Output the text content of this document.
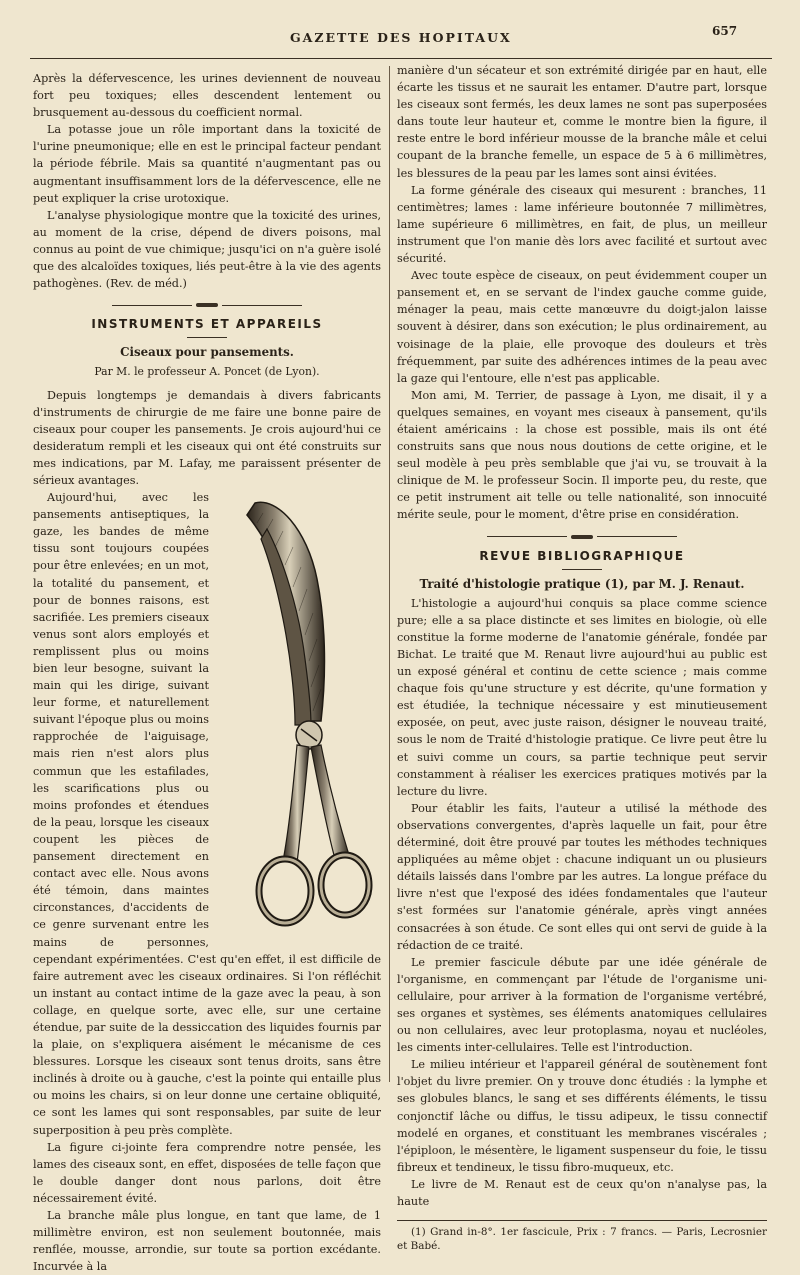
GAZETTE DES HOPITAUX	657

Après la défervescence, les urines deviennent de nouveau fort peu toxiques; elles descendent lentement ou brusquement au-dessous du coefficient normal.

La potasse joue un rôle important dans la toxicité de l'urine pneumonique; elle en est le principal facteur pendant la période fébrile. Mais sa quantité n'augmentant pas ou augmentant insuffisamment lors de la défervescence, elle ne peut expliquer la crise urotoxique.

L'analyse physiologique montre que la toxicité des urines, au moment de la crise, dépend de divers poisons, mal connus au point de vue chimique; jusqu'ici on n'a guère isolé que des alcaloïdes toxiques, liés peut-être à la vie des agents pathogènes. (Rev. de méd.)

INSTRUMENTS ET APPAREILS
Ciseaux pour pansements.
Par M. le professeur A. Poncet (de Lyon).

Depuis longtemps je demandais à divers fabricants d'instruments de chirurgie de me faire une bonne paire de ciseaux pour couper les pansements. Je crois aujourd'hui ce desideratum rempli et les ciseaux qui ont été construits sur mes indications, par M. Lafay, me paraissent présenter de sérieux avantages.

Aujourd'hui, avec les pansements antiseptiques, la gaze, les bandes de même tissu sont toujours coupées pour être enlevées; en un mot, la totalité du pansement, et pour de bonnes raisons, est sacrifiée. Les premiers ciseaux venus sont alors employés et remplissent plus ou moins bien leur besogne, suivant la main qui les dirige, suivant leur forme, et naturellement suivant l'époque plus ou moins rapprochée de l'aiguisage, mais rien n'est alors plus commun que les estafilades, les scarifications plus ou moins profondes et étendues de la peau, lorsque les ciseaux coupent les pièces de pansement directement en contact avec elle. Nous avons été témoin, dans maintes circonstances, d'accidents de ce genre survenant entre les mains de personnes, cependant expérimentées. C'est qu'en effet, il est difficile de faire autrement avec les ciseaux ordinaires. Si l'on réfléchit un instant au contact intime de la gaze avec la peau, à son collage, en quelque sorte, avec elle, sur une certaine étendue, par suite de la dessiccation des liquides fournis par la plaie, on s'expliquera aisément le mécanisme de ces blessures. Lorsque les ciseaux sont tenus droits, sans être inclinés à droite ou à gauche, c'est la pointe qui entaille plus ou moins les chairs, si on leur donne une certaine obliquité, ce sont les lames qui sont responsables, par suite de leur superposition à peu près complète.

La figure ci-jointe fera comprendre notre pensée, les lames des ciseaux sont, en effet, disposées de telle façon que le double danger dont nous parlons, doit être nécessairement évité.

La branche mâle plus longue, en tant que lame, de 1 millimètre environ, est non seulement boutonnée, mais renflée, mousse, arrondie, sur toute sa portion excédante. Incurvée à la

manière d'un sécateur et son extrémité dirigée par en haut, elle écarte les tissus et ne saurait les entamer. D'autre part, lorsque les ciseaux sont fermés, les deux lames ne sont pas superposées dans toute leur hauteur et, comme le montre bien la figure, il reste entre le bord inférieur mousse de la branche mâle et celui coupant de la branche femelle, un espace de 5 à 6 millimètres, les blessures de la peau par les lames sont ainsi évitées.

La forme générale des ciseaux qui mesurent : branches, 11 centimètres; lames : lame inférieure boutonnée 7 millimètres, lame supérieure 6 millimètres, en fait, de plus, un meilleur instrument que l'on manie dès lors avec facilité et surtout avec sécurité.

Avec toute espèce de ciseaux, on peut évidemment couper un pansement et, en se servant de l'index gauche comme guide, ménager la peau, mais cette manœuvre du doigt-jalon laisse souvent à désirer, dans son exécution; le plus ordinairement, au voisinage de la plaie, elle provoque des douleurs et très fréquemment, par suite des adhérences intimes de la peau avec la gaze qui l'entoure, elle n'est pas applicable.

Mon ami, M. Terrier, de passage à Lyon, me disait, il y a quelques semaines, en voyant mes ciseaux à pansement, qu'ils étaient américains : la chose est possible, mais ils ont été construits sans que nous nous doutions de cette origine, et le seul modèle à peu près semblable que j'ai vu, se trouvait à la clinique de M. le professeur Socin. Il importe peu, du reste, que ce petit instrument ait telle ou telle nationalité, son innocuité mérite seule, pour le moment, d'être prise en considération.

REVUE BIBLIOGRAPHIQUE
Traité d'histologie pratique (1), par M. J. Renaut.

L'histologie a aujourd'hui conquis sa place comme science pure; elle a sa place distincte et ses limites en biologie, où elle constitue la forme moderne de l'anatomie générale, fondée par Bichat. Le traité que M. Renaut livre aujourd'hui au public est un exposé général et continu de cette science ; mais comme chaque fois qu'une structure y est décrite, qu'une formation y est étudiée, la technique nécessaire y est minutieusement exposée, on peut, avec juste raison, désigner le nouveau traité, sous le nom de Traité d'histologie pratique. Ce livre peut être lu et suivi comme un cours, sa partie technique peut servir constamment à réaliser les exercices pratiques motivés par la lecture du livre.

Pour établir les faits, l'auteur a utilisé la méthode des observations convergentes, d'après laquelle un fait, pour être déterminé, doit être prouvé par toutes les méthodes techniques appliquées au même objet : chacune indiquant un ou plusieurs détails laissés dans l'ombre par les autres. La longue préface du livre n'est que l'exposé des idées fondamentales que l'auteur s'est formées sur l'anatomie générale, après vingt années consacrées à son étude. Ce sont elles qui ont servi de guide à la rédaction de ce traité.

Le premier fascicule débute par une idée générale de l'organisme, en commençant par l'étude de l'organisme uni-cellulaire, pour arriver à la formation de l'organisme vertébré, ses organes et systèmes, ses éléments anatomiques cellulaires ou non cellulaires, avec leur protoplasma, noyau et nucléoles, les ciments inter-cellulaires. Telle est l'introduction.

Le milieu intérieur et l'appareil général de soutènement font l'objet du livre premier. On y trouve donc étudiés : la lymphe et ses globules blancs, le sang et ses différents éléments, le tissu conjonctif lâche ou diffus, le tissu adipeux, le tissu connectif modelé en organes, et constituant les membranes viscérales ; l'épiploon, le mésentère, le ligament suspenseur du foie, le tissu fibreux et tendineux, le tissu fibro-muqueux, etc.

Le livre de M. Renaut est de ceux qu'on n'analyse pas, la haute

(1) Grand in-8°. 1er fascicule, Prix : 7 francs. — Paris, Lecrosnier et Babé.
